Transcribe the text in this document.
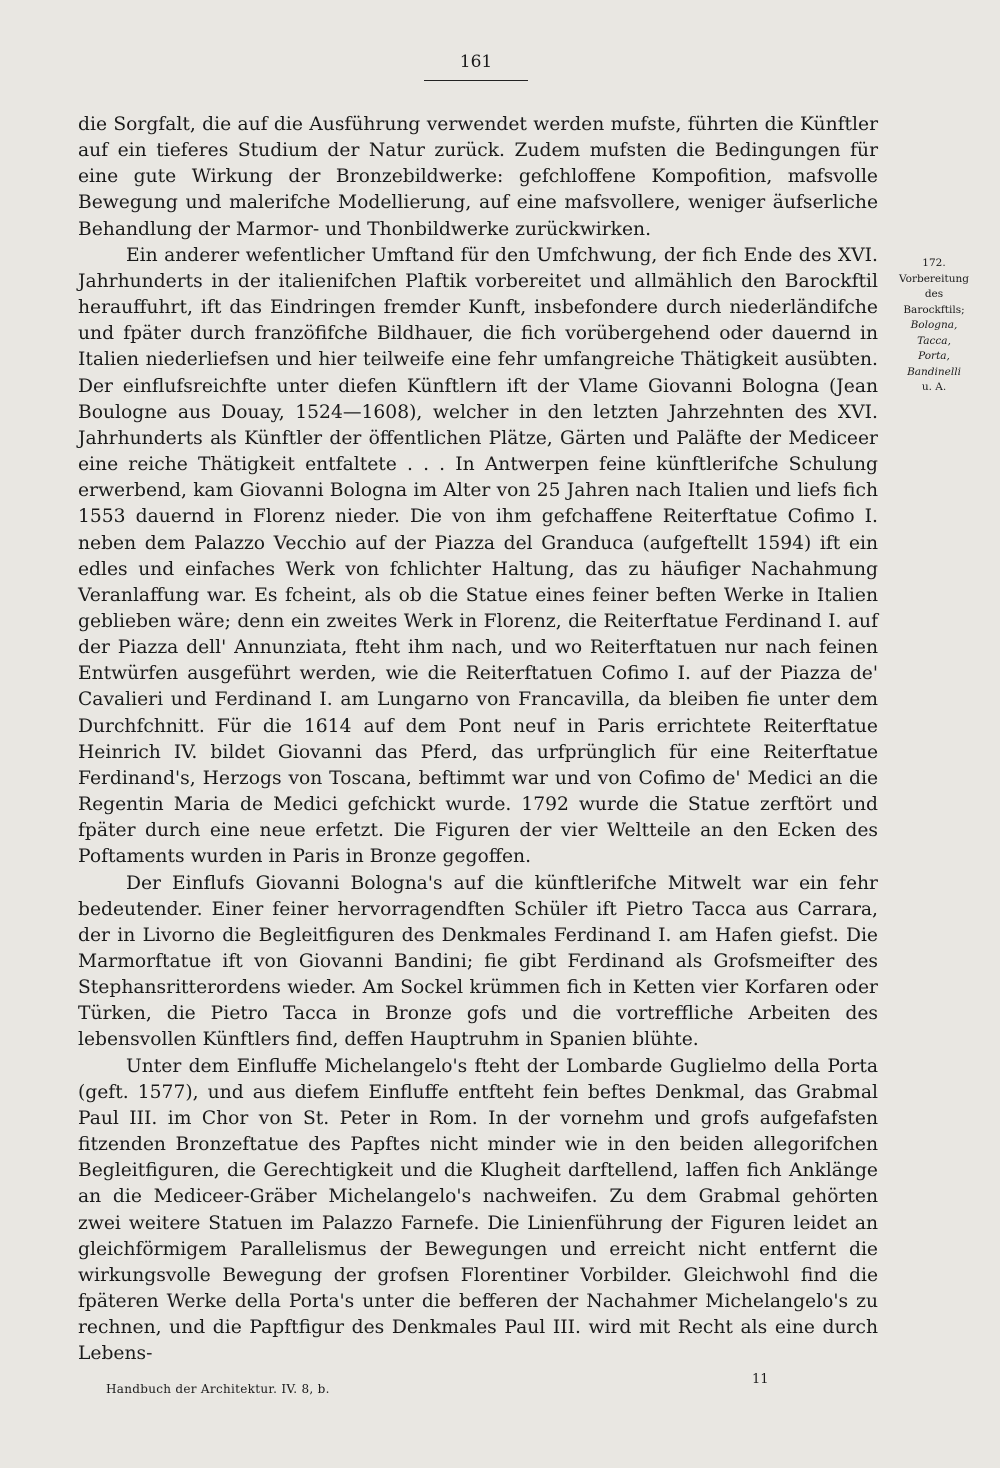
161

die Sorgfalt, die auf die Ausführung verwendet werden mufste, führten die Künftler auf ein tieferes Studium der Natur zurück. Zudem mufsten die Bedingungen für eine gute Wirkung der Bronzebildwerke: gefchloffene Kompofition, mafsvolle Bewegung und malerifche Modellierung, auf eine mafsvollere, weniger äufserliche Behandlung der Marmor- und Thonbildwerke zurückwirken.

Ein anderer wefentlicher Umftand für den Umfchwung, der fich Ende des XVI. Jahrhunderts in der italienifchen Plaftik vorbereitet und allmählich den Barockftil herauffuhrt, ift das Eindringen fremder Kunft, insbefondere durch niederländifche und fpäter durch franzöfifche Bildhauer, die fich vorübergehend oder dauernd in Italien niederliefsen und hier teilweife eine fehr umfangreiche Thätigkeit ausübten. Der einflufsreichfte unter diefen Künftlern ift der Vlame Giovanni Bologna (Jean Boulogne aus Douay, 1524—1608), welcher in den letzten Jahrzehnten des XVI. Jahrhunderts als Künftler der öffentlichen Plätze, Gärten und Paläfte der Mediceer eine reiche Thätigkeit entfaltete . . . In Antwerpen feine künftlerifche Schulung erwerbend, kam Giovanni Bologna im Alter von 25 Jahren nach Italien und liefs fich 1553 dauernd in Florenz nieder. Die von ihm gefchaffene Reiterftatue Cofimo I. neben dem Palazzo Vecchio auf der Piazza del Granduca (aufgeftellt 1594) ift ein edles und einfaches Werk von fchlichter Haltung, das zu häufiger Nachahmung Veranlaffung war. Es fcheint, als ob die Statue eines feiner beften Werke in Italien geblieben wäre; denn ein zweites Werk in Florenz, die Reiterftatue Ferdinand I. auf der Piazza dell' Annunziata, fteht ihm nach, und wo Reiterftatuen nur nach feinen Entwürfen ausgeführt werden, wie die Reiterftatuen Cofimo I. auf der Piazza de' Cavalieri und Ferdinand I. am Lungarno von Francavilla, da bleiben fie unter dem Durchfchnitt. Für die 1614 auf dem Pont neuf in Paris errichtete Reiterftatue Heinrich IV. bildet Giovanni das Pferd, das urfprünglich für eine Reiterftatue Ferdinand's, Herzogs von Toscana, beftimmt war und von Cofimo de' Medici an die Regentin Maria de Medici gefchickt wurde. 1792 wurde die Statue zerftört und fpäter durch eine neue erfetzt. Die Figuren der vier Weltteile an den Ecken des Poftaments wurden in Paris in Bronze gegoffen.

Der Einflufs Giovanni Bologna's auf die künftlerifche Mitwelt war ein fehr bedeutender. Einer feiner hervorragendften Schüler ift Pietro Tacca aus Carrara, der in Livorno die Begleitfiguren des Denkmales Ferdinand I. am Hafen giefst. Die Marmorftatue ift von Giovanni Bandini; fie gibt Ferdinand als Grofsmeifter des Stephansritterordens wieder. Am Sockel krümmen fich in Ketten vier Korfaren oder Türken, die Pietro Tacca in Bronze gofs und die vortreffliche Arbeiten des lebensvollen Künftlers find, deffen Hauptruhm in Spanien blühte.

Unter dem Einfluffe Michelangelo's fteht der Lombarde Guglielmo della Porta (geft. 1577), und aus diefem Einfluffe entfteht fein beftes Denkmal, das Grabmal Paul III. im Chor von St. Peter in Rom. In der vornehm und grofs aufgefafsten fitzenden Bronzeftatue des Papftes nicht minder wie in den beiden allegorifchen Begleitfiguren, die Gerechtigkeit und die Klugheit darftellend, laffen fich Anklänge an die Mediceer-Gräber Michelangelo's nachweifen. Zu dem Grabmal gehörten zwei weitere Statuen im Palazzo Farnefe. Die Linienführung der Figuren leidet an gleichförmigem Parallelismus der Bewegungen und erreicht nicht entfernt die wirkungsvolle Bewegung der grofsen Florentiner Vorbilder. Gleichwohl find die fpäteren Werke della Porta's unter die befferen der Nachahmer Michelangelo's zu rechnen, und die Papftfigur des Denkmales Paul III. wird mit Recht als eine durch Lebens-

172.
Vorbereitung
des
Barockftils;
Bologna,
Tacca,
Porta,
Bandinelli
u. A.
Handbuch der Architektur. IV. 8, b.
11
